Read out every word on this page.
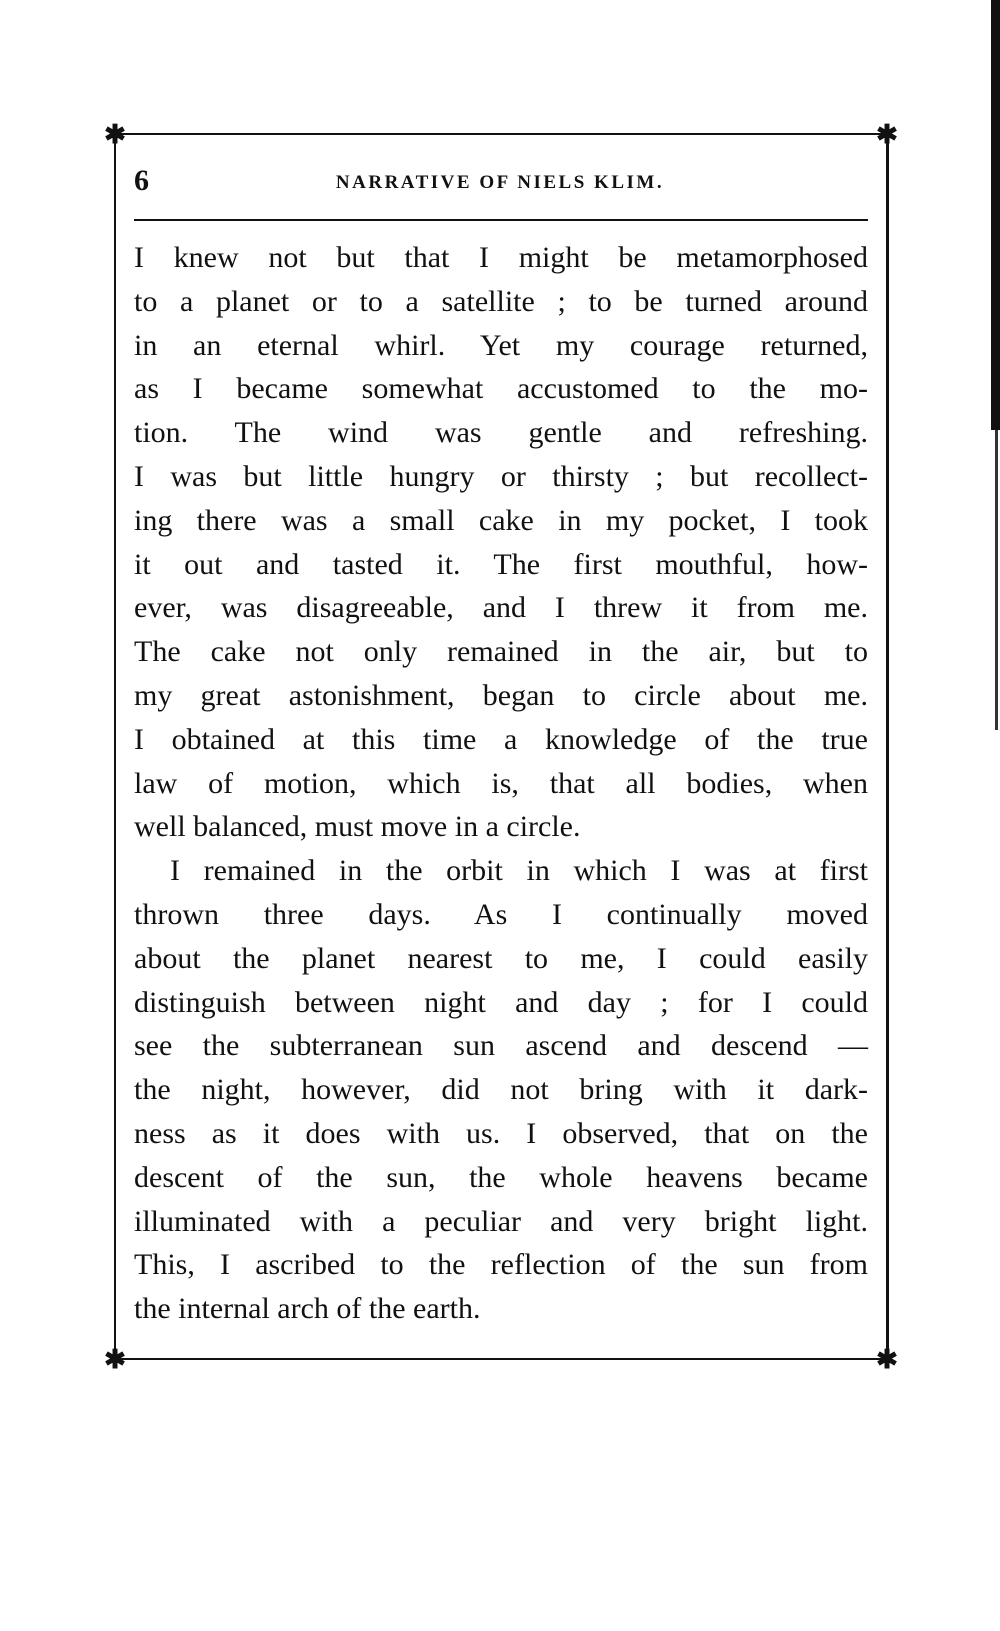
✱	✱
✱	✱
6	NARRATIVE OF NIELS KLIM.
I knew not but that I might be metamorphosed
to a planet or to a satellite ; to be turned around
in an eternal whirl. Yet my courage returned,
as I became somewhat accustomed to the mo-
tion. The wind was gentle and refreshing.
I was but little hungry or thirsty ; but recollect-
ing there was a small cake in my pocket, I took
it out and tasted it. The first mouthful, how-
ever, was disagreeable, and I threw it from me.
The cake not only remained in the air, but to
my great astonishment, began to circle about me.
I obtained at this time a knowledge of the true
law of motion, which is, that all bodies, when
well balanced, must move in a circle.
I remained in the orbit in which I was at first
thrown three days. As I continually moved
about the planet nearest to me, I could easily
distinguish between night and day ; for I could
see the subterranean sun ascend and descend —
the night, however, did not bring with it dark-
ness as it does with us. I observed, that on the
descent of the sun, the whole heavens became
illuminated with a peculiar and very bright light.
This, I ascribed to the reflection of the sun from
the internal arch of the earth.
